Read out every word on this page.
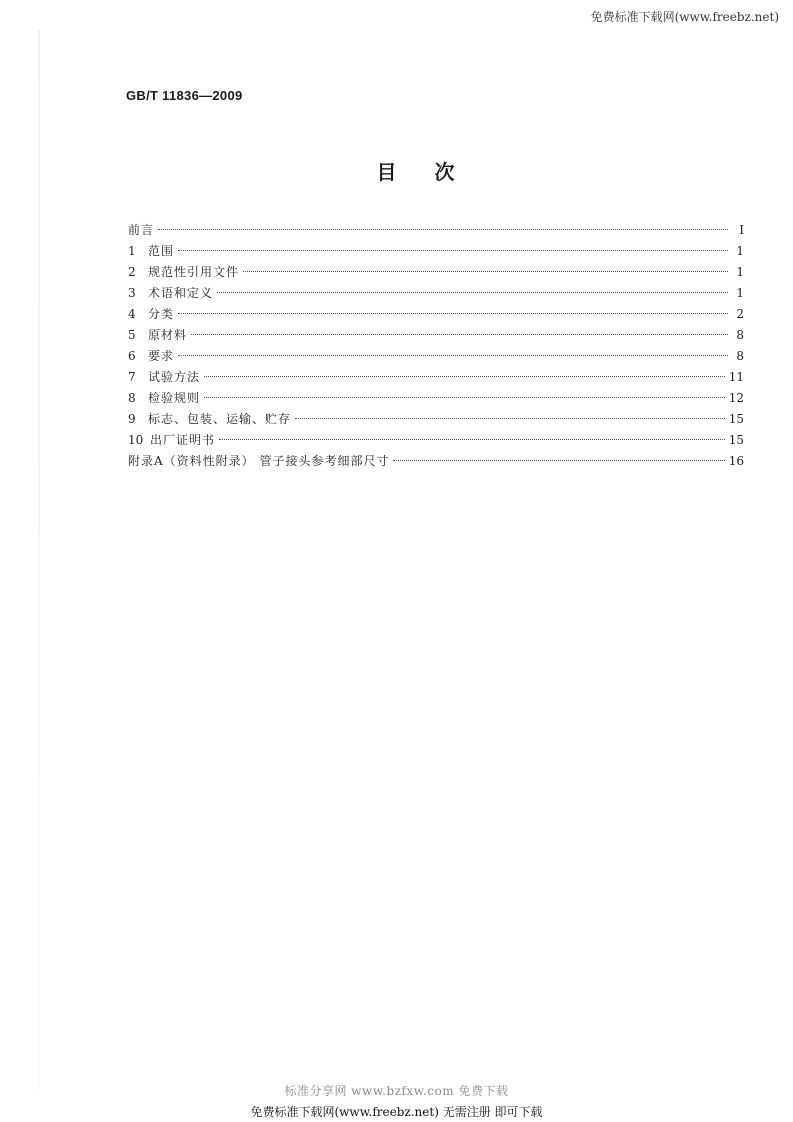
免费标准下载网(www.freebz.net)
GB/T 11836—2009
目次
前言	Ⅰ
1	范围	1
2	规范性引用文件	1
3	术语和定义	1
4	分类	2
5	原材料	8
6	要求	8
7	试验方法	11
8	检验规则	12
9	标志、包装、运输、贮存	15
10 出厂证明书	15
附录A（资料性附录） 管子接头参考细部尺寸	16
标准分享网 www.bzfxw.com 免费下载
免费标准下载网(www.freebz.net) 无需注册 即可下载
